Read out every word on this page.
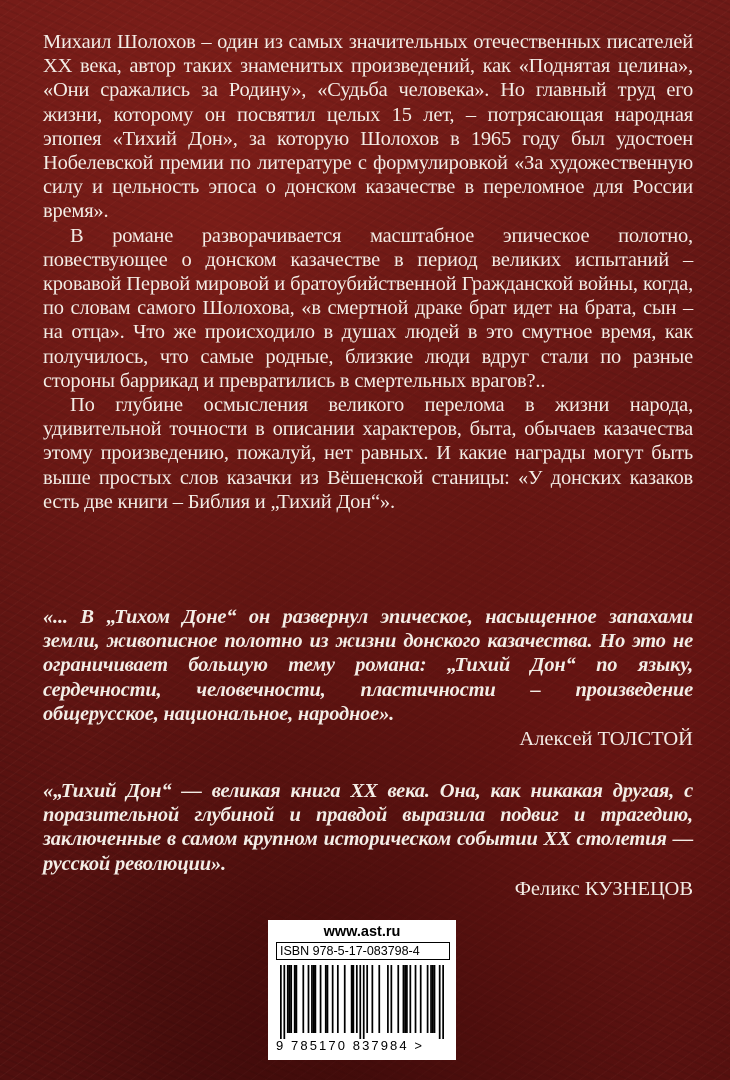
Михаил Шолохов – один из самых значительных отечественных писателей XX века, автор таких знаменитых произведений, как «Поднятая целина», «Они сражались за Родину», «Судьба человека». Но главный труд его жизни, которому он посвятил целых 15 лет, – потрясающая народная эпопея «Тихий Дон», за которую Шолохов в 1965 году был удостоен Нобелевской премии по литературе с формулировкой «За художественную силу и цельность эпоса о донском казачестве в переломное для России время».

В романе разворачивается масштабное эпическое полотно, повествующее о донском казачестве в период великих испытаний – кровавой Первой мировой и братоубийственной Гражданской войны, когда, по словам самого Шолохова, «в смертной драке брат идет на брата, сын – на отца». Что же происходило в душах людей в это смутное время, как получилось, что самые родные, близкие люди вдруг стали по разные стороны баррикад и превратились в смертельных врагов?..

По глубине осмысления великого перелома в жизни народа, удивительной точности в описании характеров, быта, обычаев казачества этому произведению, пожалуй, нет равных. И какие награды могут быть выше простых слов казачки из Вёшенской станицы: «У донских казаков есть две книги – Библия и „Тихий Дон“».

«... В „Тихом Доне“ он развернул эпическое, насыщенное запахами земли, живописное полотно из жизни донского казачества. Но это не ограничивает большую тему романа: „Тихий Дон“ по языку, сердечности, человечности, пластичности – произведение общерусское, национальное, народное».
Алексей ТОЛСТОЙ
«„Тихий Дон“ — великая книга XX века. Она, как никакая другая, с поразительной глубиной и правдой выразила подвиг и трагедию, заключенные в самом крупном историческом событии XX столетия — русской революции».
Феликс КУЗНЕЦОВ
www.ast.ru
ISBN 978-5-17-083798-4
9 785170 837984 >
